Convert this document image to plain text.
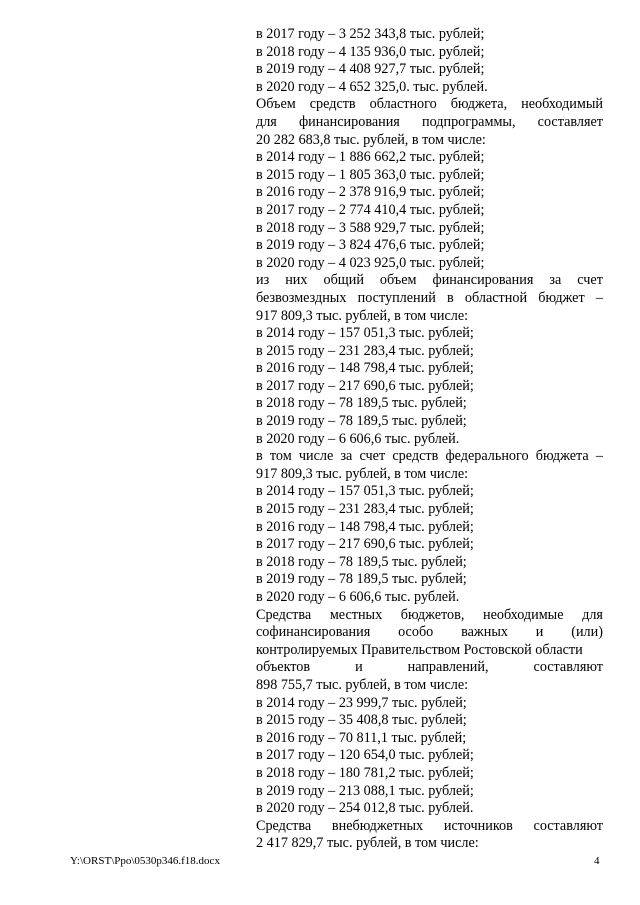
в 2017 году – 3 252 343,8 тыс. рублей;
в 2018 году – 4 135 936,0 тыс. рублей;
в 2019 году – 4 408 927,7 тыс. рублей;
в 2020 году – 4 652 325,0. тыс. рублей.
Объем средств областного бюджета, необходимый
для финансирования подпрограммы, составляет
20 282 683,8 тыс. рублей, в том числе:
в 2014 году – 1 886 662,2 тыс. рублей;
в 2015 году – 1 805 363,0 тыс. рублей;
в 2016 году – 2 378 916,9 тыс. рублей;
в 2017 году – 2 774 410,4 тыс. рублей;
в 2018 году – 3 588 929,7 тыс. рублей;
в 2019 году – 3 824 476,6 тыс. рублей;
в 2020 году – 4 023 925,0 тыс. рублей;
из них общий объем финансирования за счет
безвозмездных поступлений в областной бюджет –
917 809,3 тыс. рублей, в том числе:
в 2014 году – 157 051,3 тыс. рублей;
в 2015 году – 231 283,4 тыс. рублей;
в 2016 году – 148 798,4 тыс. рублей;
в 2017 году – 217 690,6 тыс. рублей;
в 2018 году – 78 189,5 тыс. рублей;
в 2019 году – 78 189,5 тыс. рублей;
в 2020 году – 6 606,6 тыс. рублей.
в том числе за счет средств федерального бюджета –
917 809,3 тыс. рублей, в том числе:
в 2014 году – 157 051,3 тыс. рублей;
в 2015 году – 231 283,4 тыс. рублей;
в 2016 году – 148 798,4 тыс. рублей;
в 2017 году – 217 690,6 тыс. рублей;
в 2018 году – 78 189,5 тыс. рублей;
в 2019 году – 78 189,5 тыс. рублей;
в 2020 году – 6 606,6 тыс. рублей.
Средства местных бюджетов, необходимые для
софинансирования особо важных и (или)
контролируемых Правительством Ростовской области
объектов	и	направлений,	составляют
898 755,7 тыс. рублей, в том числе:
в 2014 году – 23 999,7 тыс. рублей;
в 2015 году – 35 408,8 тыс. рублей;
в 2016 году – 70 811,1 тыс. рублей;
в 2017 году – 120 654,0 тыс. рублей;
в 2018 году – 180 781,2 тыс. рублей;
в 2019 году – 213 088,1 тыс. рублей;
в 2020 году – 254 012,8 тыс. рублей.
Средства внебюджетных источников составляют
2 417 829,7 тыс. рублей, в том числе:
Y:\ORST\Ppo\0530p346.f18.docx	4
